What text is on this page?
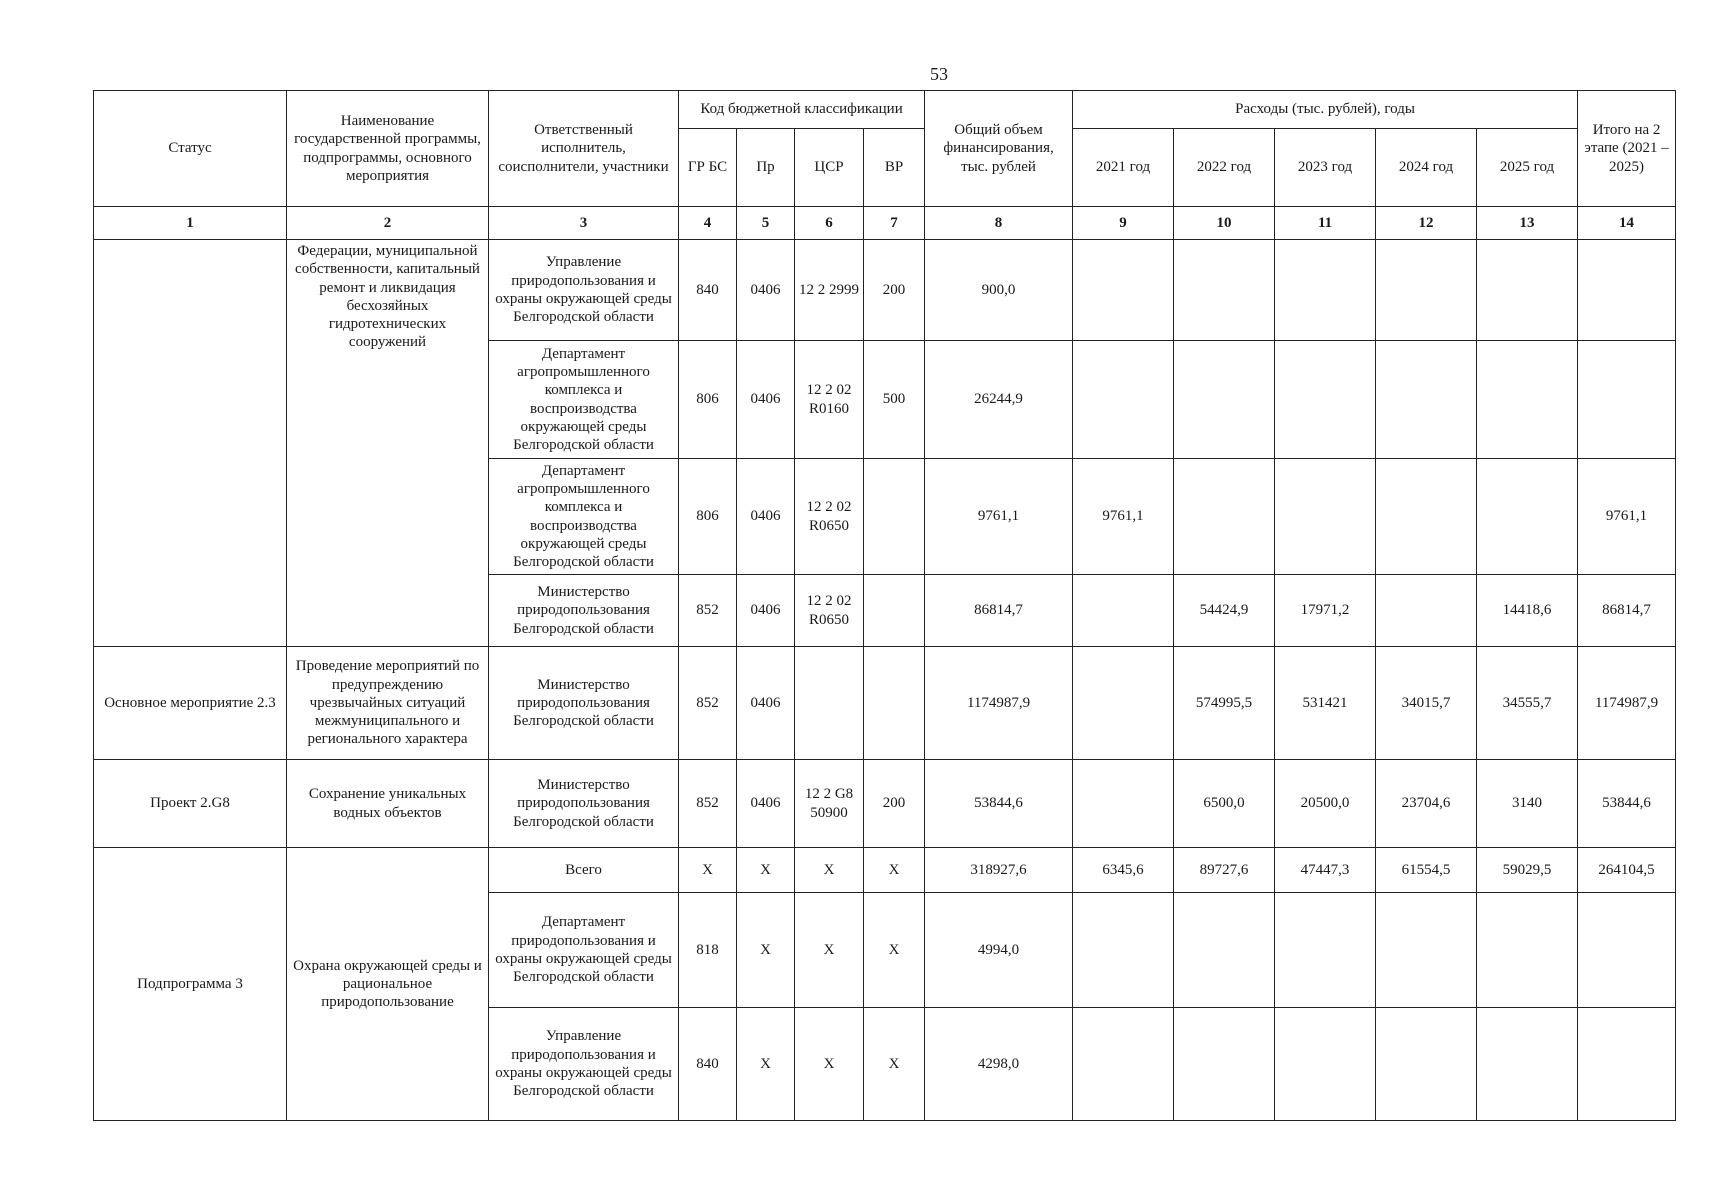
53
Статус	Наименование государственной программы, подпрограммы, основного мероприятия	Ответственный исполнитель, соисполнители, участники	Код бюджетной классификации				Общий объем финансирования, тыс. рублей	Расходы (тыс. рублей), годы					Итого на 2 этапе (2021 – 2025)
			ГР БС	Пр	ЦСР	ВР		2021 год	2022 год	2023 год	2024 год	2025 год	
1	2	3	4	5	6	7	8	9	10	11	12	13	14
	Федерации, муниципальной собственности, капитальный ремонт и ликвидация бесхозяйных гидротехнических сооружений	Управление природопользования и охраны окружающей среды Белгородской области	840	0406	12 2 2999	200	900,0						
		Департамент агропромышленного комплекса и воспроизводства окружающей среды Белгородской области	806	0406	12 2 02 R0160	500	26244,9						
		Департамент агропромышленного комплекса и воспроизводства окружающей среды Белгородской области	806	0406	12 2 02 R0650		9761,1	9761,1					9761,1
		Министерство природопользования Белгородской области	852	0406	12 2 02 R0650		86814,7		54424,9	17971,2		14418,6	86814,7
Основное мероприятие 2.3	Проведение мероприятий по предупреждению чрезвычайных ситуаций межмуниципального и регионального характера	Министерство природопользования Белгородской области	852	0406			1174987,9		574995,5	531421	34015,7	34555,7	1174987,9
Проект 2.G8	Сохранение уникальных водных объектов	Министерство природопользования Белгородской области	852	0406	12 2 G8 50900	200	53844,6		6500,0	20500,0	23704,6	3140	53844,6
Подпрограмма 3	Охрана окружающей среды и рациональное природопользование	Всего	X	X	X	X	318927,6	6345,6	89727,6	47447,3	61554,5	59029,5	264104,5
		Департамент природопользования и охраны окружающей среды Белгородской области	818	X	X	X	4994,0						
		Управление природопользования и охраны окружающей среды Белгородской области	840	X	X	X	4298,0						
